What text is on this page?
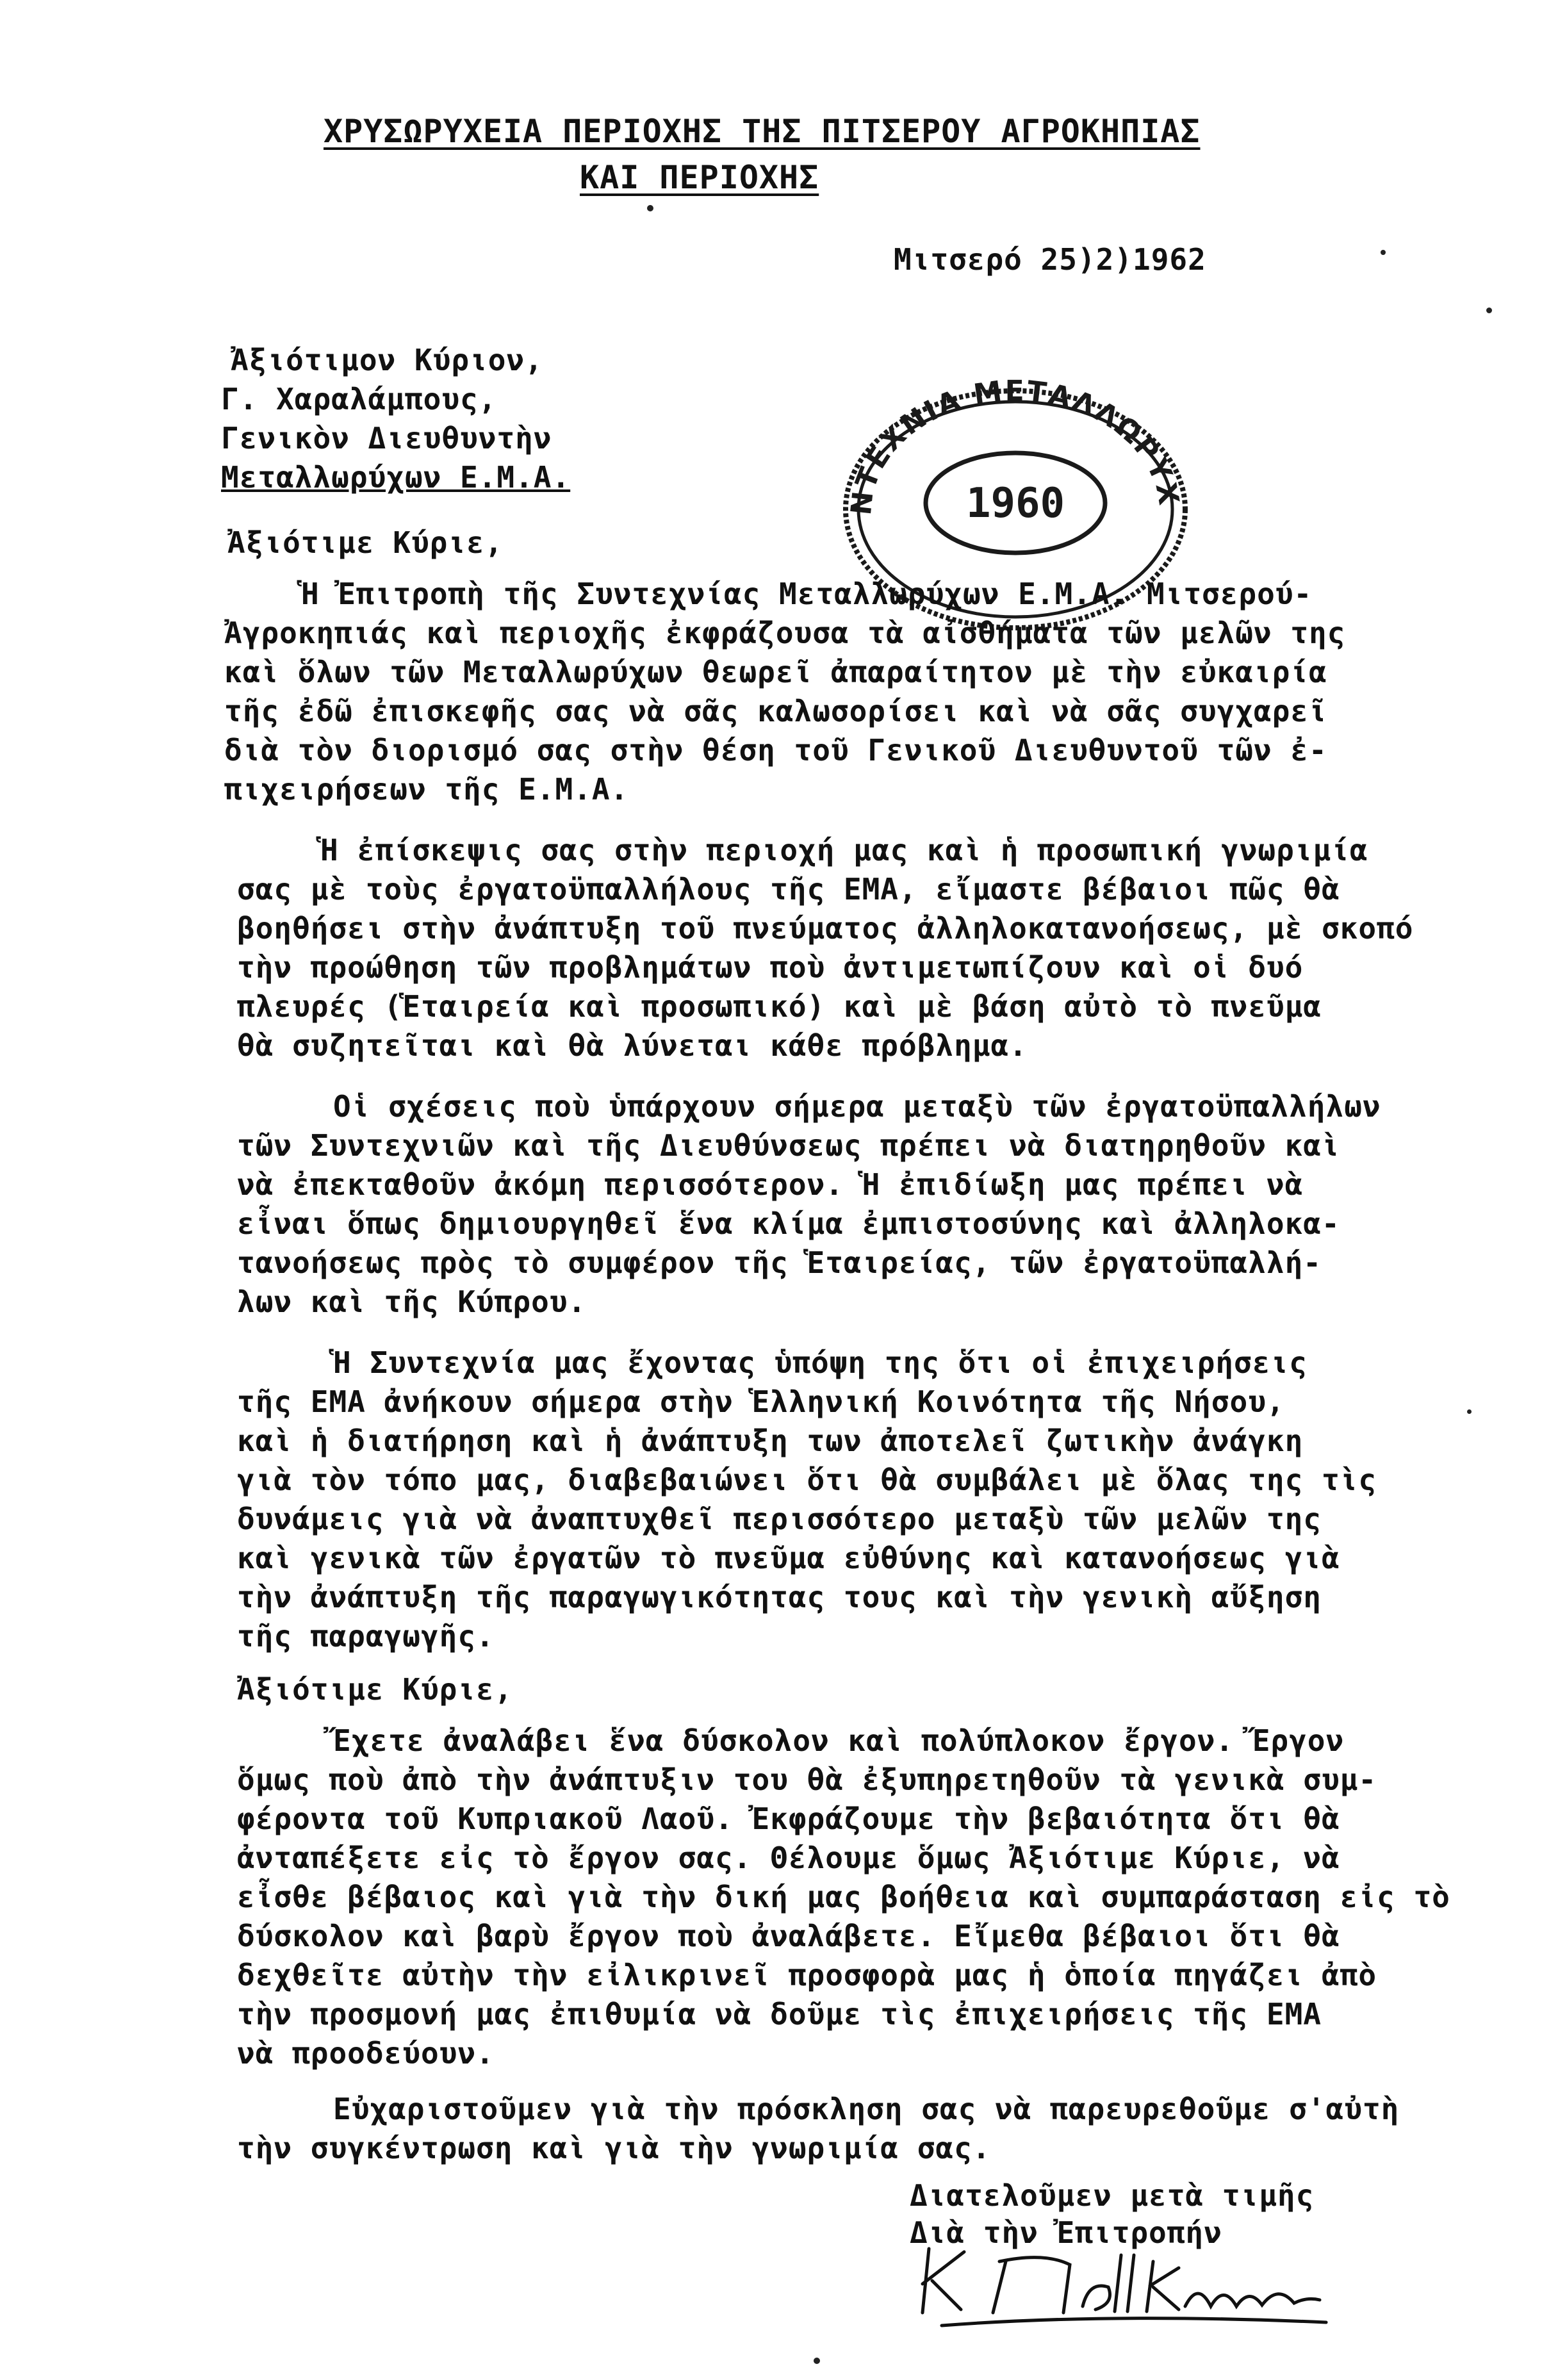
ΧΡΥΣΩΡΥΧΕΙΑ ΠΕΡΙΟΧΗΣ ΤΗΣ ΠΙΤΣΕΡΟΥ ΑΓΡΟΚΗΠΙΑΣ
ΚΑΙ ΠΕΡΙΟΧΗΣ
Μιτσερό 25)2)1962
Ἀξιότιμον Κύριον,
Γ. Χαραλάμπους,
Γενικὸν Διευθυντὴν
Μεταλλωρύχων Ε.Μ.Α.
ΝΤΕΧΝΙΑ ΜΕΤΑΛΛΩΡΥΧ
1960
Ἀξιότιμε Κύριε,
Ἡ Ἐπιτροπὴ τῆς Συντεχνίας Μεταλλωρύχων Ε.Μ.Α. Μιτσερού-
Ἀγροκηπιάς καὶ περιοχῆς ἐκφράζουσα τὰ αἰσθήματα τῶν μελῶν της
καὶ ὅλων τῶν Μεταλλωρύχων θεωρεῖ ἀπαραίτητον μὲ τὴν εὐκαιρία
τῆς ἐδῶ ἐπισκεφῆς σας νὰ σᾶς καλωσορίσει καὶ νὰ σᾶς συγχαρεῖ
διὰ τὸν διορισμό σας στὴν θέση τοῦ Γενικοῦ Διευθυντοῦ τῶν ἐ-
πιχειρήσεων τῆς Ε.Μ.Α.
Ἡ ἐπίσκεψις σας στὴν περιοχή μας καὶ ἡ προσωπική γνωριμία
σας μὲ τοὺς ἐργατοϋπαλλήλους τῆς ΕΜΑ, εἴμαστε βέβαιοι πῶς θὰ
βοηθήσει στὴν ἀνάπτυξη τοῦ πνεύματος ἀλληλοκατανοήσεως, μὲ σκοπό
τὴν προώθηση τῶν προβλημάτων ποὺ ἀντιμετωπίζουν καὶ οἱ δυό
πλευρές (Ἑταιρεία καὶ προσωπικό) καὶ μὲ βάση αὐτὸ τὸ πνεῦμα
θὰ συζητεῖται καὶ θὰ λύνεται κάθε πρόβλημα.
Οἱ σχέσεις ποὺ ὑπάρχουν σήμερα μεταξὺ τῶν ἐργατοϋπαλλήλων
τῶν Συντεχνιῶν καὶ τῆς Διευθύνσεως πρέπει νὰ διατηρηθοῦν καὶ
νὰ ἐπεκταθοῦν ἀκόμη περισσότερον. Ἡ ἐπιδίωξη μας πρέπει νὰ
εἶναι ὅπως δημιουργηθεῖ ἕνα κλίμα ἐμπιστοσύνης καὶ ἀλληλοκα-
τανοήσεως πρὸς τὸ συμφέρον τῆς Ἑταιρείας, τῶν ἐργατοϋπαλλή-
λων καὶ τῆς Κύπρου.
Ἡ Συντεχνία μας ἔχοντας ὑπόψη της ὅτι οἱ ἐπιχειρήσεις
τῆς ΕΜΑ ἀνήκουν σήμερα στὴν Ἑλληνική Κοινότητα τῆς Νήσου,
καὶ ἡ διατήρηση καὶ ἡ ἀνάπτυξη των ἀποτελεῖ ζωτικὴν ἀνάγκη
γιὰ τὸν τόπο μας, διαβεβαιώνει ὅτι θὰ συμβάλει μὲ ὅλας της τὶς
δυνάμεις γιὰ νὰ ἀναπτυχθεῖ περισσότερο μεταξὺ τῶν μελῶν της
καὶ γενικὰ τῶν ἐργατῶν τὸ πνεῦμα εὐθύνης καὶ κατανοήσεως γιὰ
τὴν ἀνάπτυξη τῆς παραγωγικότητας τους καὶ τὴν γενικὴ αὔξηση
τῆς παραγωγῆς.
Ἀξιότιμε Κύριε,
Ἔχετε ἀναλάβει ἕνα δύσκολον καὶ πολύπλοκον ἔργον. Ἔργον
ὅμως ποὺ ἀπὸ τὴν ἀνάπτυξιν του θὰ ἐξυπηρετηθοῦν τὰ γενικὰ συμ-
φέροντα τοῦ Κυπριακοῦ Λαοῦ. Ἐκφράζουμε τὴν βεβαιότητα ὅτι θὰ
ἀνταπέξετε εἰς τὸ ἔργον σας. Θέλουμε ὅμως Ἀξιότιμε Κύριε, νὰ
εἶσθε βέβαιος καὶ γιὰ τὴν δική μας βοήθεια καὶ συμπαράσταση εἰς τὸ
δύσκολον καὶ βαρὺ ἔργον ποὺ ἀναλάβετε. Εἴμεθα βέβαιοι ὅτι θὰ
δεχθεῖτε αὐτὴν τὴν εἰλικρινεῖ προσφορὰ μας ἡ ὁποία πηγάζει ἀπὸ
τὴν προσμονή μας ἐπιθυμία νὰ δοῦμε τὶς ἐπιχειρήσεις τῆς ΕΜΑ
νὰ προοδεύουν.
Εὐχαριστοῦμεν γιὰ τὴν πρόσκληση σας νὰ παρευρεθοῦμε σ'αὐτὴ
τὴν συγκέντρωση καὶ γιὰ τὴν γνωριμία σας.
Διατελοῦμεν μετὰ τιμῆς
Διὰ τὴν Ἐπιτροπήν
